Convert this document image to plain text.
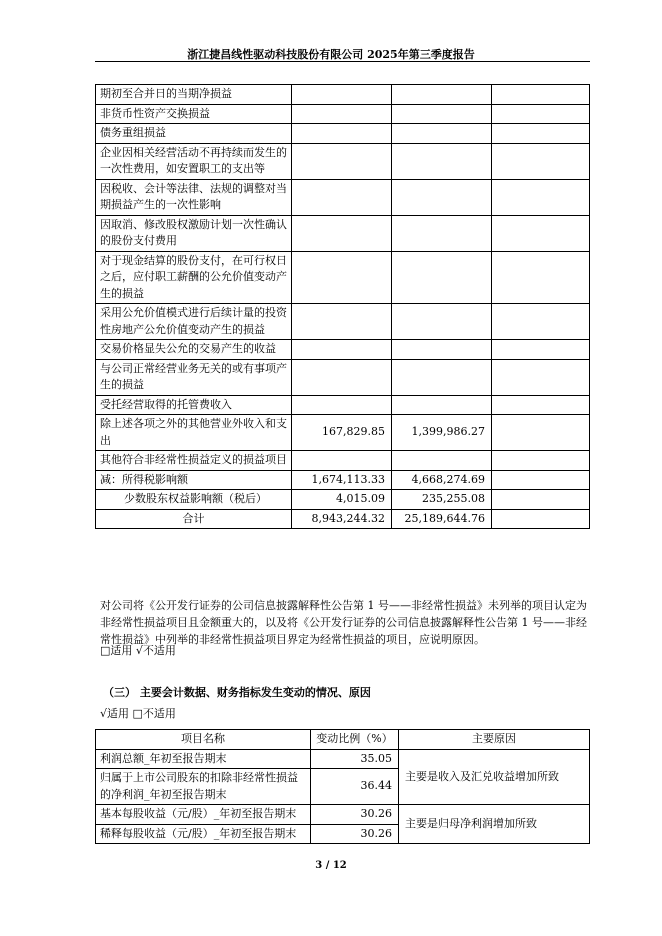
浙江捷昌线性驱动科技股份有限公司 2025年第三季度报告
期初至合并日的当期净损益			
非货币性资产交换损益			
债务重组损益			
企业因相关经营活动不再持续而发生的一次性费用，如安置职工的支出等			
因税收、会计等法律、法规的调整对当期损益产生的一次性影响			
因取消、修改股权激励计划一次性确认的股份支付费用			
对于现金结算的股份支付，在可行权日之后，应付职工薪酬的公允价值变动产生的损益			
采用公允价值模式进行后续计量的投资性房地产公允价值变动产生的损益			
交易价格显失公允的交易产生的收益			
与公司正常经营业务无关的或有事项产生的损益			
受托经营取得的托管费收入			
除上述各项之外的其他营业外收入和支出	167,829.85	1,399,986.27	
其他符合非经常性损益定义的损益项目			
减：所得税影响额	1,674,113.33	4,668,274.69	
少数股东权益影响额（税后）	4,015.09	235,255.08	
合计	8,943,244.32	25,189,644.76	
对公司将《公开发行证券的公司信息披露解释性公告第 1 号——非经常性损益》未列举的项目认定为非经常性损益项目且金额重大的，以及将《公开发行证券的公司信息披露解释性公告第 1 号——非经常性损益》中列举的非经常性损益项目界定为经常性损益的项目，应说明原因。
□适用 √不适用
（三） 主要会计数据、财务指标发生变动的情况、原因
√适用 □不适用
项目名称	变动比例（%）	主要原因
利润总额_年初至报告期末	35.05	主要是收入及汇兑收益增加所致
归属于上市公司股东的扣除非经常性损益的净利润_年初至报告期末	36.44	
基本每股收益（元/股）_年初至报告期末	30.26	主要是归母净利润增加所致
稀释每股收益（元/股）_年初至报告期末	30.26	
3 / 12
